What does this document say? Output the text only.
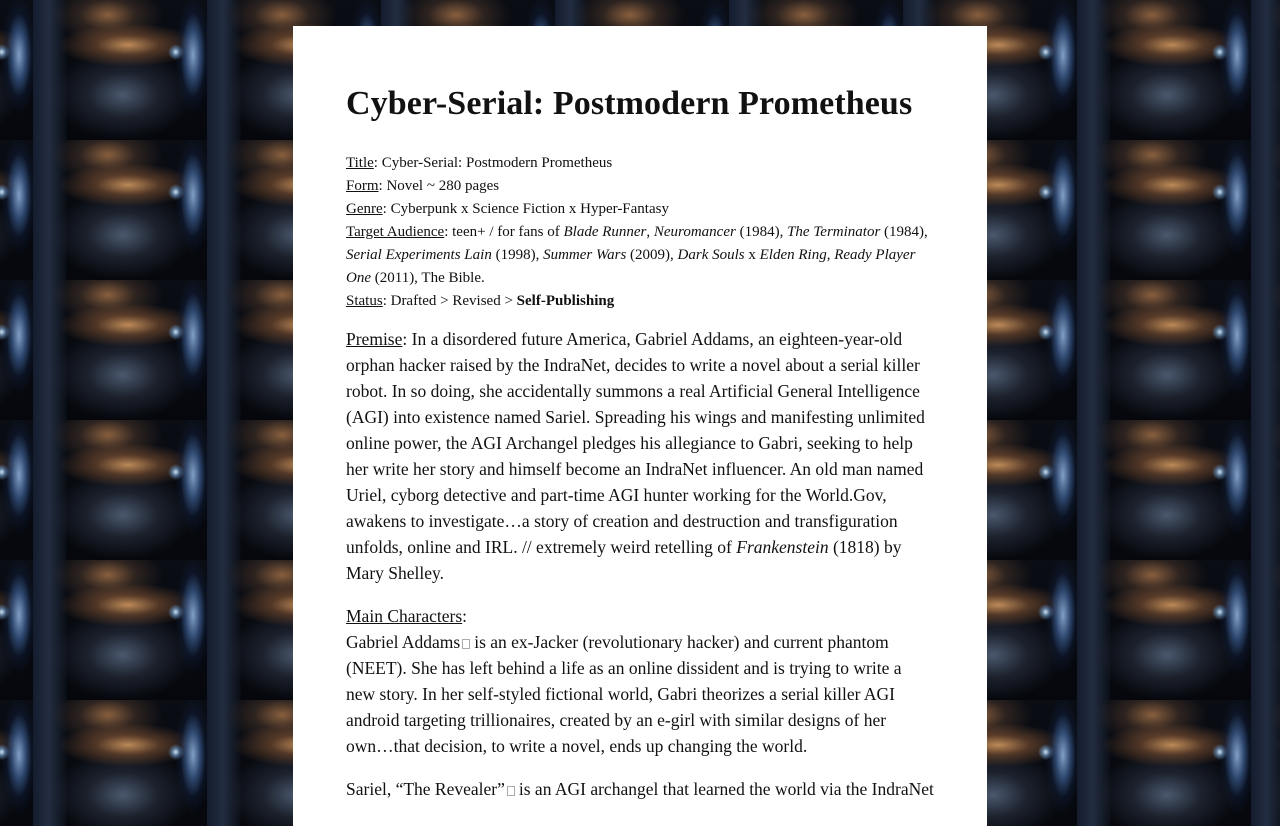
Cyber-Serial: Postmodern Prometheus
Title: Cyber-Serial: Postmodern Prometheus
Form: Novel ~ 280 pages
Genre: Cyberpunk x Science Fiction x Hyper-Fantasy
Target Audience: teen+ / for fans of Blade Runner, Neuromancer (1984), The Terminator (1984), Serial Experiments Lain (1998), Summer Wars (2009), Dark Souls x Elden Ring, Ready Player One (2011), The Bible.
Status: Drafted > Revised > Self-Publishing

Premise: In a disordered future America, Gabriel Addams, an eighteen-year-old orphan hacker raised by the IndraNet, decides to write a novel about a serial killer robot. In so doing, she accidentally summons a real Artificial General Intelligence (AGI) into existence named Sariel. Spreading his wings and manifesting unlimited online power, the AGI Archangel pledges his allegiance to Gabri, seeking to help her write her story and himself become an IndraNet influencer. An old man named Uriel, cyborg detective and part-time AGI hunter working for the World.Gov, awakens to investigate…a story of creation and destruction and transfiguration unfolds, online and IRL. // extremely weird retelling of Frankenstein (1818) by Mary Shelley.

Main Characters:
Gabriel Addams is an ex-Jacker (revolutionary hacker) and current phantom (NEET). She has left behind a life as an online dissident and is trying to write a new story. In her self-styled fictional world, Gabri theorizes a serial killer AGI android targeting trillionaires, created by an e-girl with similar designs of her own…that decision, to write a novel, ends up changing the world.

Sariel, “The Revealer” is an AGI archangel that learned the world via the IndraNet
